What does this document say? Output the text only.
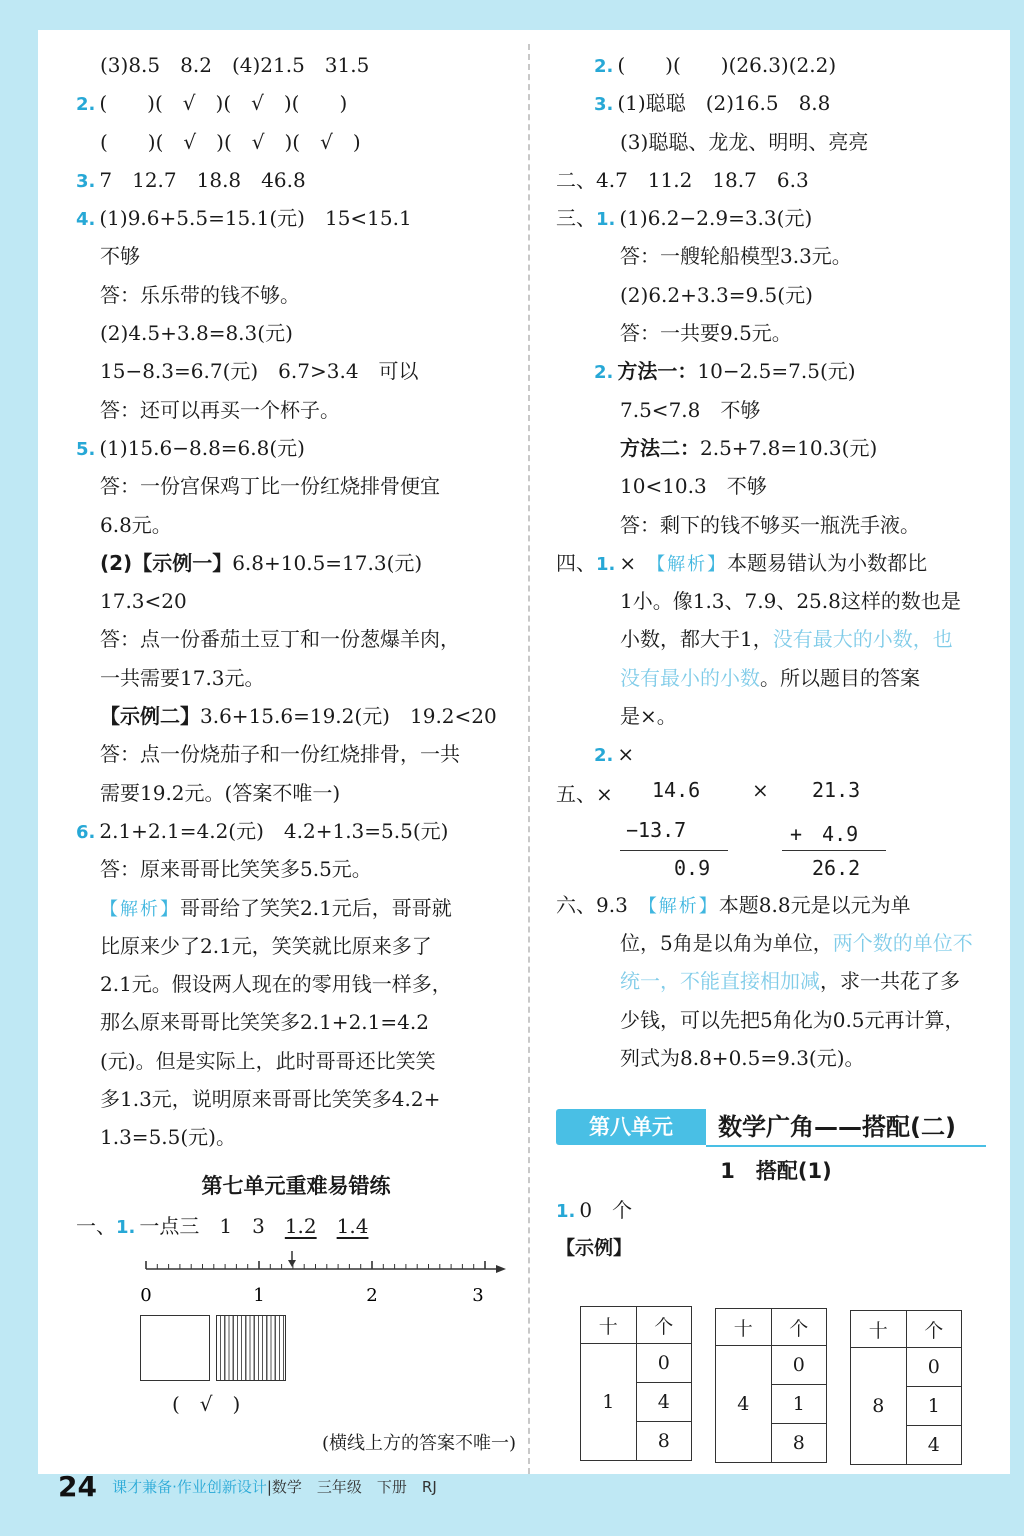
(3)8.5　8.2　(4)21.5　31.5
2. (　　)(　√　)(　√　)(　　)
(　　)(　√　)(　√　)(　√　)
3. 7　12.7　18.8　46.8
4. (1)9.6+5.5=15.1(元)　15<15.1
不够
答：乐乐带的钱不够。
(2)4.5+3.8=8.3(元)
15−8.3=6.7(元)　6.7>3.4　可以
答：还可以再买一个杯子。
5. (1)15.6−8.8=6.8(元)
答：一份宫保鸡丁比一份红烧排骨便宜
6.8元。
(2)【示例一】6.8+10.5=17.3(元)
17.3<20
答：点一份番茄土豆丁和一份葱爆羊肉，
一共需要17.3元。
【示例二】3.6+15.6=19.2(元)　19.2<20
答：点一份烧茄子和一份红烧排骨，一共
需要19.2元。(答案不唯一)
6. 2.1+2.1=4.2(元)　4.2+1.3=5.5(元)
答：原来哥哥比笑笑多5.5元。
【解析】哥哥给了笑笑2.1元后，哥哥就
比原来少了2.1元，笑笑就比原来多了
2.1元。假设两人现在的零用钱一样多，
那么原来哥哥比笑笑多2.1+2.1=4.2
(元)。但是实际上，此时哥哥还比笑笑
多1.3元，说明原来哥哥比笑笑多4.2+
1.3=5.5(元)。
第七单元重难易错练
一、1. 一点三　1　3　 1.2　 1.4
0	1	2	3
(　√　)
(横线上方的答案不唯一)
2. (　　)(　　)(26.3)(2.2)
3. (1)聪聪　(2)16.5　8.8
(3)聪聪、龙龙、明明、亮亮
二、4.7　11.2　18.7　6.3
三、1. (1)6.2−2.9=3.3(元)
答：一艘轮船模型3.3元。
(2)6.2+3.3=9.5(元)
答：一共要9.5元。
2. 方法一：10−2.5=7.5(元)
7.5<7.8　不够
方法二：2.5+7.8=10.3(元)
10<10.3　不够
答：剩下的钱不够买一瓶洗手液。
四、1. ×　 【解析】本题易错认为小数都比
1小。像1.3、7.9、25.8这样的数也是
小数，都大于1，没有最大的小数，也
没有最小的小数。所以题目的答案
是×。
2. ×
五、× 14.6
−13.7
0.9
× 21.3
+　4.9
26.2
六、9.3　 【解析】本题8.8元是以元为单
位，5角是以角为单位，两个数的单位不
统一，不能直接相加减，求一共花了多
少钱，可以先把5角化为0.5元再计算，
列式为8.8+0.5=9.3(元)。
第八单元	数学广角——搭配(二)
1　搭配(1)
1. 0　个
【示例】
十	个
1	0
	4
	8
十	个
4	0
	1
	8
十	个
8	0
	1
	4
24 课才兼备·作业创新设计|数学　三年级　下册　RJ
